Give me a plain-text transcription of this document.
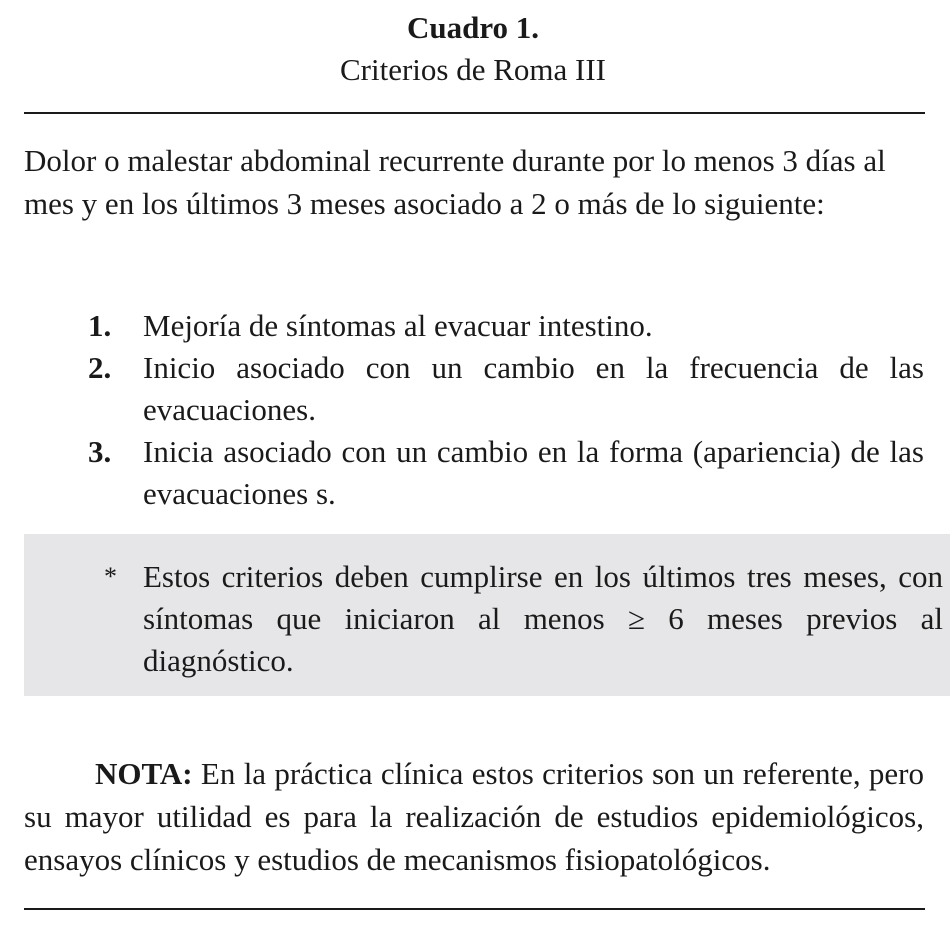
Cuadro 1.
Criterios de Roma III
Dolor o malestar abdominal recurrente durante por lo menos 3 días al mes y en los últimos 3 meses asociado a 2 o más de lo siguiente:
1. Mejoría de síntomas al evacuar intestino.
2. Inicio asociado con un cambio en la frecuencia de las evacuaciones.
3. Inicia asociado con un cambio en la forma (apariencia) de las evacuaciones s.
* Estos criterios deben cumplirse en los últimos tres meses, con síntomas que iniciaron al menos ≥ 6 meses previos al diagnóstico.

NOTA: En la práctica clínica estos criterios son un referente, pero su mayor utilidad es para la realización de estudios epidemiológicos, ensayos clínicos y estudios de mecanismos fisiopatológicos.
